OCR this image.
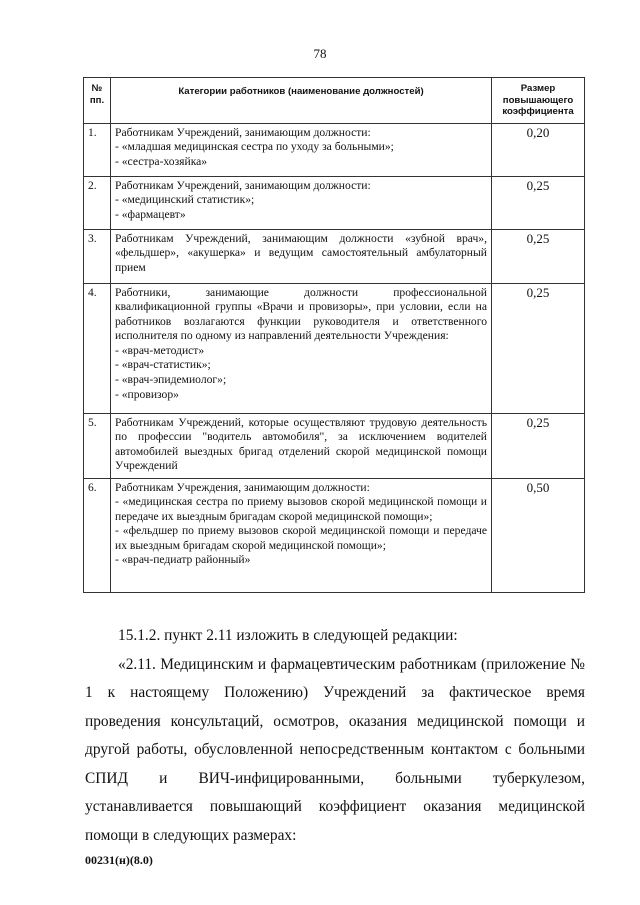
78
№ пп.	Категории работников (наименование должностей)	Размер повышающего коэффициента
1.	Работникам Учреждений, занимающим должности:
- «младшая медицинская сестра по уходу за больными»;
- «сестра-хозяйка»	0,20
2.	Работникам Учреждений, занимающим должности:
- «медицинский статистик»;
- «фармацевт»	0,25
3.	Работникам Учреждений, занимающим должности «зубной врач», «фельдшер», «акушерка» и ведущим самостоятельный амбулаторный прием	0,25
4.	Работники, занимающие должности профессиональной квалификационной группы «Врачи и провизоры», при условии, если на работников возлагаются функции руководителя и ответственного исполнителя по одному из направлений деятельности Учреждения:
- «врач-методист»
- «врач-статистик»;
- «врач-эпидемиолог»;
- «провизор»	0,25
5.	Работникам Учреждений, которые осуществляют трудовую деятельность по профессии "водитель автомобиля", за исключением водителей автомобилей выездных бригад отделений скорой медицинской помощи Учреждений	0,25
6.	Работникам Учреждения, занимающим должности:
- «медицинская сестра по приему вызовов скорой медицинской помощи и передаче их выездным бригадам скорой медицинской помощи»;
- «фельдшер по приему вызовов скорой медицинской помощи и передаче их выездным бригадам скорой медицинской помощи»;
- «врач-педиатр районный»	0,50

15.1.2. пункт 2.11 изложить в следующей редакции:

«2.11. Медицинским и фармацевтическим работникам (приложение № 1 к настоящему Положению) Учреждений за фактическое время проведения консультаций, осмотров, оказания медицинской помощи и другой работы, обусловленной непосредственным контактом с больными СПИД и ВИЧ-инфицированными, больными туберкулезом, устанавливается повышающий коэффициент оказания медицинской помощи в следующих размерах:

00231(н)(8.0)
